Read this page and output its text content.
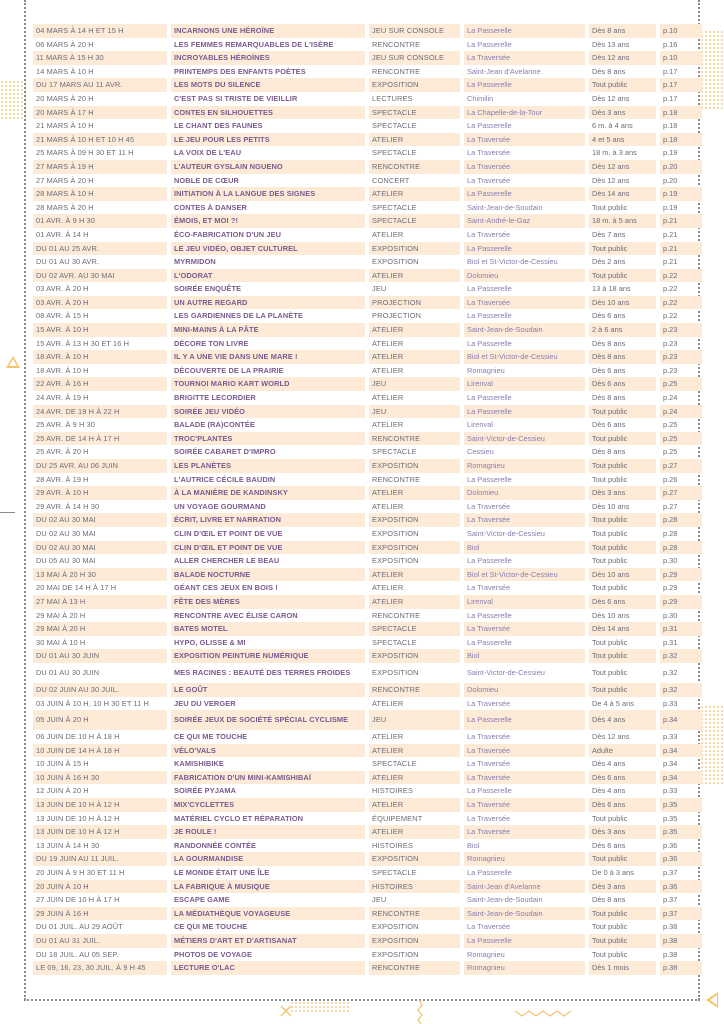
04 MARS À 14 H ET 15 H	INCARNONS UNE HÉROÏNE	JEU SUR CONSOLE	La Passerelle	Dès 8 ans	p.10
06 MARS À 20 H	LES FEMMES REMARQUABLES DE L'ISÈRE	RENCONTRE	La Passerelle	Dès 13 ans	p.16
11 MARS À 15 H 30	INCROYABLES HÉROÏNES	JEU SUR CONSOLE	La Traversée	Dès 12 ans	p.10
14 MARS À 10 H	PRINTEMPS DES ENFANTS POÈTES	RENCONTRE	Saint-Jean d'Avelanne	Dès 8 ans	p.17
DU 17 MARS AU 11 AVR.	LES MOTS DU SILENCE	EXPOSITION	La Passerelle	Tout public	p.17
20 MARS À 20 H	C'EST PAS SI TRISTE DE VIEILLIR	LECTURES	Chimilin	Dès 12 ans	p.17
20 MARS À 17 H	CONTES EN SILHOUETTES	SPECTACLE	La Chapelle-de-la-Tour	Dès 3 ans	p.18
21 MARS À 10 H	LE CHANT DES FAUNES	SPECTACLE	La Passerelle	6 m. à 4 ans	p.18
21 MARS À 10 H ET 10 H 45	LE JEU POUR LES PETITS	ATELIER	La Traversée	4 et 5 ans	p.18
25 MARS À 09 H 30 ET 11 H	LA VOIX DE L'EAU	SPECTACLE	La Traversée	18 m. à 3 ans	p.19
27 MARS À 19 H	L'AUTEUR GYSLAIN NGUENO	RENCONTRE	La Traversée	Dès 12 ans	p.20
27 MARS À 20 H	NOBLE DE CŒUR	CONCERT	La Traversée	Dès 12 ans	p.20
28 MARS À 10 H	INITIATION À LA LANGUE DES SIGNES	ATELIER	La Passerelle	Dès 14 ans	p.19
28 MARS À 20 H	CONTES À DANSER	SPECTACLE	Saint-Jean-de-Soudain	Tout public	p.19
01 AVR. À 9 H 30	ÉMOIS, ET MOI ?!	SPECTACLE	Saint-André-le-Gaz	18 m. à 5 ans	p.21
01 AVR. À 14 H	ÉCO-FABRICATION D'UN JEU	ATELIER	La Traversée	Dès 7 ans	p.21
DU 01 AU 25 AVR.	LE JEU VIDÉO, OBJET CULTUREL	EXPOSITION	La Passerelle	Tout public	p.21
DU 01 AU 30 AVR.	MYRMIDON	EXPOSITION	Biol et St-Victor-de-Cessieu	Dès 2 ans	p.21
DU 02 AVR. AU 30 MAI	L'ODORAT	ATELIER	Dolomieu	Tout public	p.22
03 AVR. À 20 H	SOIRÉE ENQUÊTE	JEU	La Passerelle	13 à 18 ans	p.22
03 AVR. À 20 H	UN AUTRE REGARD	PROJECTION	La Traversée	Dès 10 ans	p.22
08 AVR. À 15 H	LES GARDIENNES DE LA PLANÈTE	PROJECTION	La Passerelle	Dès 6 ans	p.22
15 AVR. À 10 H	MINI-MAINS À LA PÂTE	ATELIER	Saint-Jean-de-Soudain	2 à 6 ans	p.23
15 AVR. À 13 H 30 ET 16 H	DÉCORE TON LIVRE	ATELIER	La Passerelle	Dès 8 ans	p.23
18 AVR. À 10 H	IL Y A UNE VIE DANS UNE MARE !	ATELIER	Biol et St-Victor-de-Cessieu	Dès 8 ans	p.23
18 AVR. À 10 H	DÉCOUVERTE DE LA PRAIRIE	ATELIER	Romagnieu	Dès 6 ans	p.23
22 AVR. À 16 H	TOURNOI MARIO KART WORLD	JEU	Lirenval	Dès 6 ans	p.25
24 AVR. À 19 H	BRIGITTE LECORDIER	ATELIER	La Passerelle	Dès 8 ans	p.24
24 AVR. DE 19 H À 22 H	SOIRÉE JEU VIDÉO	JEU	La Passerelle	Tout public	p.24
25 AVR. À 9 H 30	BALADE (RA)CONTÉE	ATELIER	Lirenval	Dès 6 ans	p.25
25 AVR. DE 14 H À 17 H	TROC'PLANTES	RENCONTRE	Saint-Victor-de-Cessieu	Tout public	p.25
25 AVR. À 20 H	SOIRÉE CABARET D'IMPRO	SPECTACLE	Cessieu	Dès 8 ans	p.25
DU 25 AVR. AU 06 JUIN	LES PLANÈTES	EXPOSITION	Romagnieu	Tout public	p.27
28 AVR. À 19 H	L'AUTRICE CÉCILE BAUDIN	RENCONTRE	La Passerelle	Tout public	p.26
29 AVR. À 10 H	À LA MANIÈRE DE KANDINSKY	ATELIER	Dolomieu	Dès 3 ans	p.27
29 AVR. À 14 H 30	UN VOYAGE GOURMAND	ATELIER	La Traversée	Dès 10 ans	p.27
DU 02 AU 30 MAI	ÉCRIT, LIVRE ET NARRATION	EXPOSITION	La Traversée	Tout public	p.28
DU 02 AU 30 MAI	CLIN D'ŒIL ET POINT DE VUE	EXPOSITION	Saint-Victor-de-Cessieu	Tout public	p.28
DU 02 AU 30 MAI	CLIN D'ŒIL ET POINT DE VUE	EXPOSITION	Biol	Tout public	p.28
DU 05 AU 30 MAI	ALLER CHERCHER LE BEAU	EXPOSITION	La Passerelle	Tout public	p.30
13 MAI À 20 H 30	BALADE NOCTURNE	ATELIER	Biol et St-Victor-de-Cessieu	Dès 10 ans	p.29
20 MAI DE 14 H À 17 H	GÉANT CES JEUX EN BOIS !	ATELIER	La Traversée	Tout public	p.29
27 MAI À 13 H	FÊTE DES MÈRES	ATELIER	Lirenval	Dès 6 ans	p.29
29 MAI À 20 H	RENCONTRE AVEC ÉLISE CARON	RENCONTRE	La Passerelle	Dès 10 ans	p.30
29 MAI À 20 H	BATES MOTEL	SPECTACLE	La Traversée	Dès 14 ans	p.31
30 MAI À 10 H	HYPO, GLISSE & MI	SPECTACLE	La Passerelle	Tout public	p.31
DU 01 AU 30 JUIN	EXPOSITION PEINTURE NUMÉRIQUE	EXPOSITION	Biol	Tout public	p.32
DU 01 AU 30 JUIN	MES RACINES : BEAUTÉ DES TERRES FROIDES	EXPOSITION	Saint-Victor-de-Cessieu	Tout public	p.32
DU 02 JUIN AU 30 JUIL.	LE GOÛT	RENCONTRE	Dolomieu	Tout public	p.32
03 JUIN À 10 H, 10 H 30 ET 11 H	JEU DU VERGER	ATELIER	La Traversée	De 4 à 5 ans	p.33
05 JUIN À 20 H	SOIRÉE JEUX DE SOCIÉTÉ SPÉCIAL CYCLISME	JEU	La Passerelle	Dès 4 ans	p.34
06 JUIN DE 10 H À 18 H	CE QUI ME TOUCHE	ATELIER	La Traversée	Dès 12 ans	p.33
10 JUIN DE 14 H À 18 H	VÉLO'VALS	ATELIER	La Traversée	Adulte	p.34
10 JUIN À 15 H	KAMISHIBIKE	SPECTACLE	La Traversée	Dès 4 ans	p.34
10 JUIN À 16 H 30	FABRICATION D'UN MINI-KAMISHIBAÏ	ATELIER	La Traversée	Dès 6 ans	p.34
12 JUIN À 20 H	SOIRÉE PYJAMA	HISTOIRES	La Passerelle	Dès 4 ans	p.33
13 JUIN DE 10 H À 12 H	MIX'CYCLETTES	ATELIER	La Traversée	Dès 6 ans	p.35
13 JUIN DE 10 H À 12 H	MATÉRIEL CYCLO ET RÉPARATION	ÉQUIPEMENT	La Traversée	Tout public	p.35
13 JUIN DE 10 H À 12 H	JE ROULE !	ATELIER	La Traversée	Dès 3 ans	p.35
13 JUIN À 14 H 30	RANDONNÉE CONTÉE	HISTOIRES	Biol	Dès 6 ans	p.36
DU 19 JUIN AU 11 JUIL.	LA GOURMANDISE	EXPOSITION	Romagnieu	Tout public	p.36
20 JUIN À 9 H 30 ET 11 H	LE MONDE ÉTAIT UNE ÎLE	SPECTACLE	La Passerelle	De 0 à 3 ans	p.37
20 JUIN À 10 H	LA FABRIQUE À MUSIQUE	HISTOIRES	Saint-Jean d'Avelanne	Dès 3 ans	p.36
27 JUIN DE 10 H À 17 H	ESCAPE GAME	JEU	Saint-Jean-de-Soudain	Dès 8 ans	p.37
29 JUIN À 16 H	LA MÉDIATHÈQUE VOYAGEUSE	RENCONTRE	Saint-Jean-de-Soudain	Tout public	p.37
DU 01 JUIL. AU 29 AOÛT	CE QUI ME TOUCHE	EXPOSITION	La Traversée	Tout public	p.38
DU 01 AU 31 JUIL.	MÉTIERS D'ART ET D'ARTISANAT	EXPOSITION	La Passerelle	Tout public	p.38
DU 18 JUIL. AU 05 SEP.	PHOTOS DE VOYAGE	EXPOSITION	Romagnieu	Tout public	p.38
LE 09, 16, 23, 30 JUIL. À 9 H 45	LECTURE O'LAC	RENCONTRE	Romagnieu	Dès 1 mois	p.38
